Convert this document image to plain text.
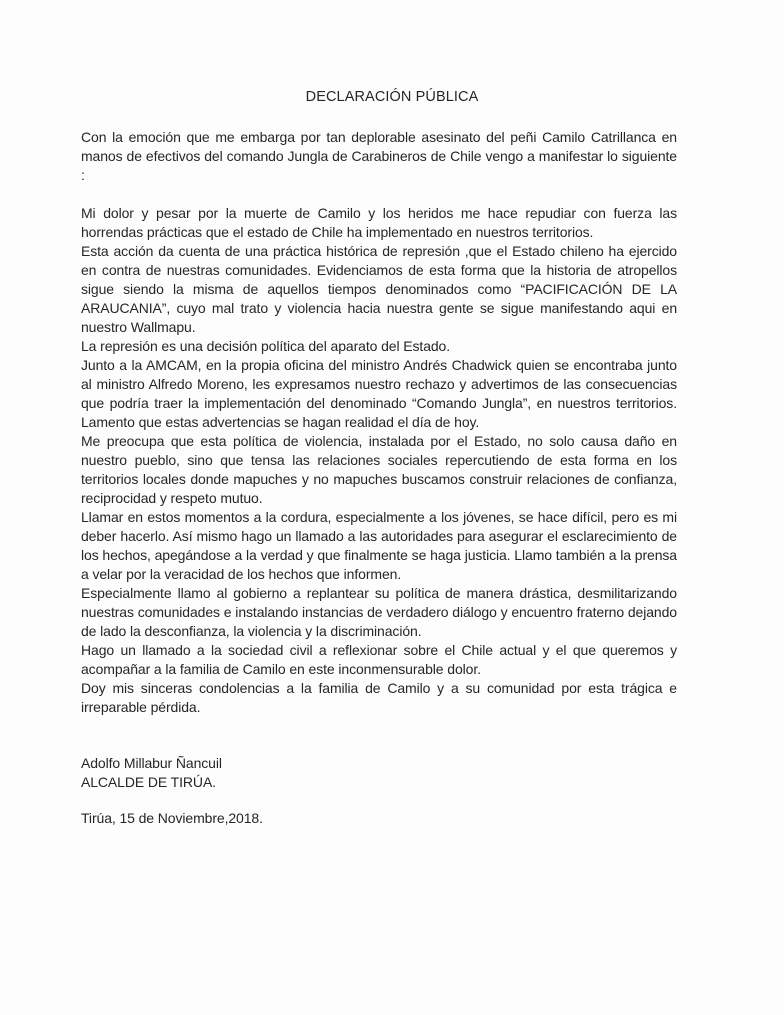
DECLARACIÓN PÚBLICA

Con la emoción que me embarga por tan deplorable asesinato del peñi Camilo Catrillanca en manos de efectivos del comando Jungla de Carabineros de Chile vengo a manifestar lo siguiente :

Mi dolor y pesar por la muerte de Camilo y los heridos me hace repudiar con fuerza las horrendas prácticas que el estado de Chile ha implementado en nuestros territorios.

Esta acción da cuenta de una práctica histórica de represión ,que el Estado chileno ha ejercido en contra de nuestras comunidades. Evidenciamos de esta forma que la historia de atropellos sigue siendo la misma de aquellos tiempos denominados como “PACIFICACIÓN DE LA ARAUCANIA”, cuyo mal trato y violencia hacia nuestra gente se sigue manifestando aqui en nuestro Wallmapu.

La represión es una decisión política del aparato del Estado.

Junto a la AMCAM, en la propia oficina del ministro Andrés Chadwick quien se encontraba junto al ministro Alfredo Moreno, les expresamos nuestro rechazo y advertimos de las consecuencias que podría traer la implementación del denominado “Comando Jungla”, en nuestros territorios. Lamento que estas advertencias se hagan realidad el día de hoy.

Me preocupa que esta política de violencia, instalada por el Estado, no solo causa daño en nuestro pueblo, sino que tensa las relaciones sociales repercutiendo de esta forma en los territorios locales donde mapuches y no mapuches buscamos construir relaciones de confianza, reciprocidad y respeto mutuo.

Llamar en estos momentos a la cordura, especialmente a los jóvenes, se hace difícil, pero es mi deber hacerlo. Así mismo hago un llamado a las autoridades para asegurar el esclarecimiento de los hechos, apegándose a la verdad y que finalmente se haga justicia. Llamo también a la prensa a velar por la veracidad de los hechos que informen.

Especialmente llamo al gobierno a replantear su política de manera drástica, desmilitarizando nuestras comunidades e instalando instancias de verdadero diálogo y encuentro fraterno dejando de lado la desconfianza, la violencia y la discriminación.

Hago un llamado a la sociedad civil a reflexionar sobre el Chile actual y el que queremos y acompañar a la familia de Camilo en este inconmensurable dolor.

Doy mis sinceras condolencias a la familia de Camilo y a su comunidad por esta trágica e irreparable pérdida.

Adolfo Millabur Ñancuil
ALCALDE DE TIRÚA.
Tirúa, 15 de Noviembre,2018.
